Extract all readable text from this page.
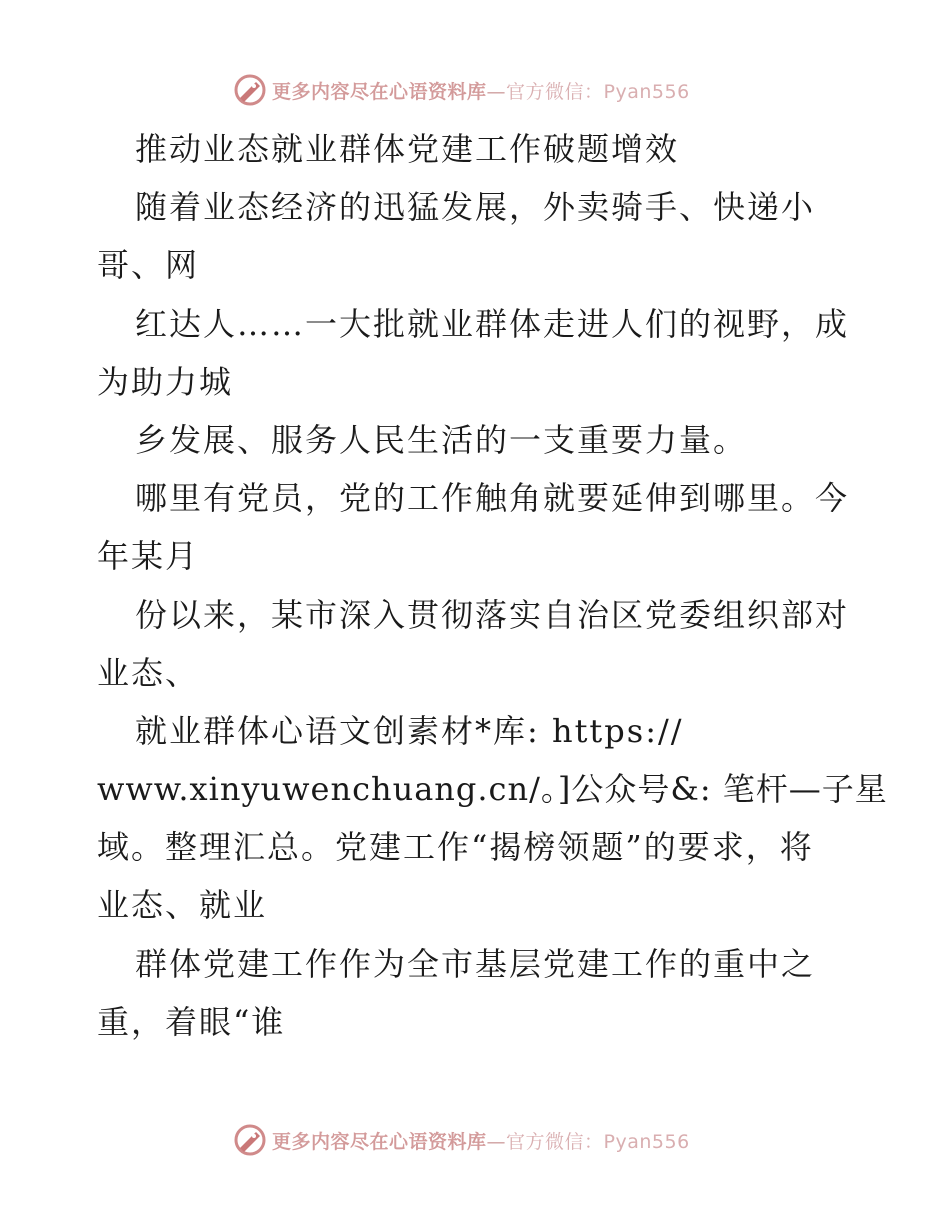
更多内容尽在心语资料库—官方微信：Pyan556
推动业态就业群体党建工作破题增效
随着业态经济的迅猛发展，外卖骑手、快递小
哥、网
红达人……一大批就业群体走进人们的视野，成
为助力城
乡发展、服务人民生活的一支重要力量。
哪里有党员，党的工作触角就要延伸到哪里。今
年某月
份以来，某市深入贯彻落实自治区党委组织部对
业态、
就业群体心语文创素材*库: https://
www.xinyuwenchuang.cn/。]公众号&: 笔杆—子星
域。整理汇总。党建工作“揭榜领题”的要求，将
业态、就业
群体党建工作作为全市基层党建工作的重中之
重，着眼“谁
更多内容尽在心语资料库—官方微信：Pyan556
